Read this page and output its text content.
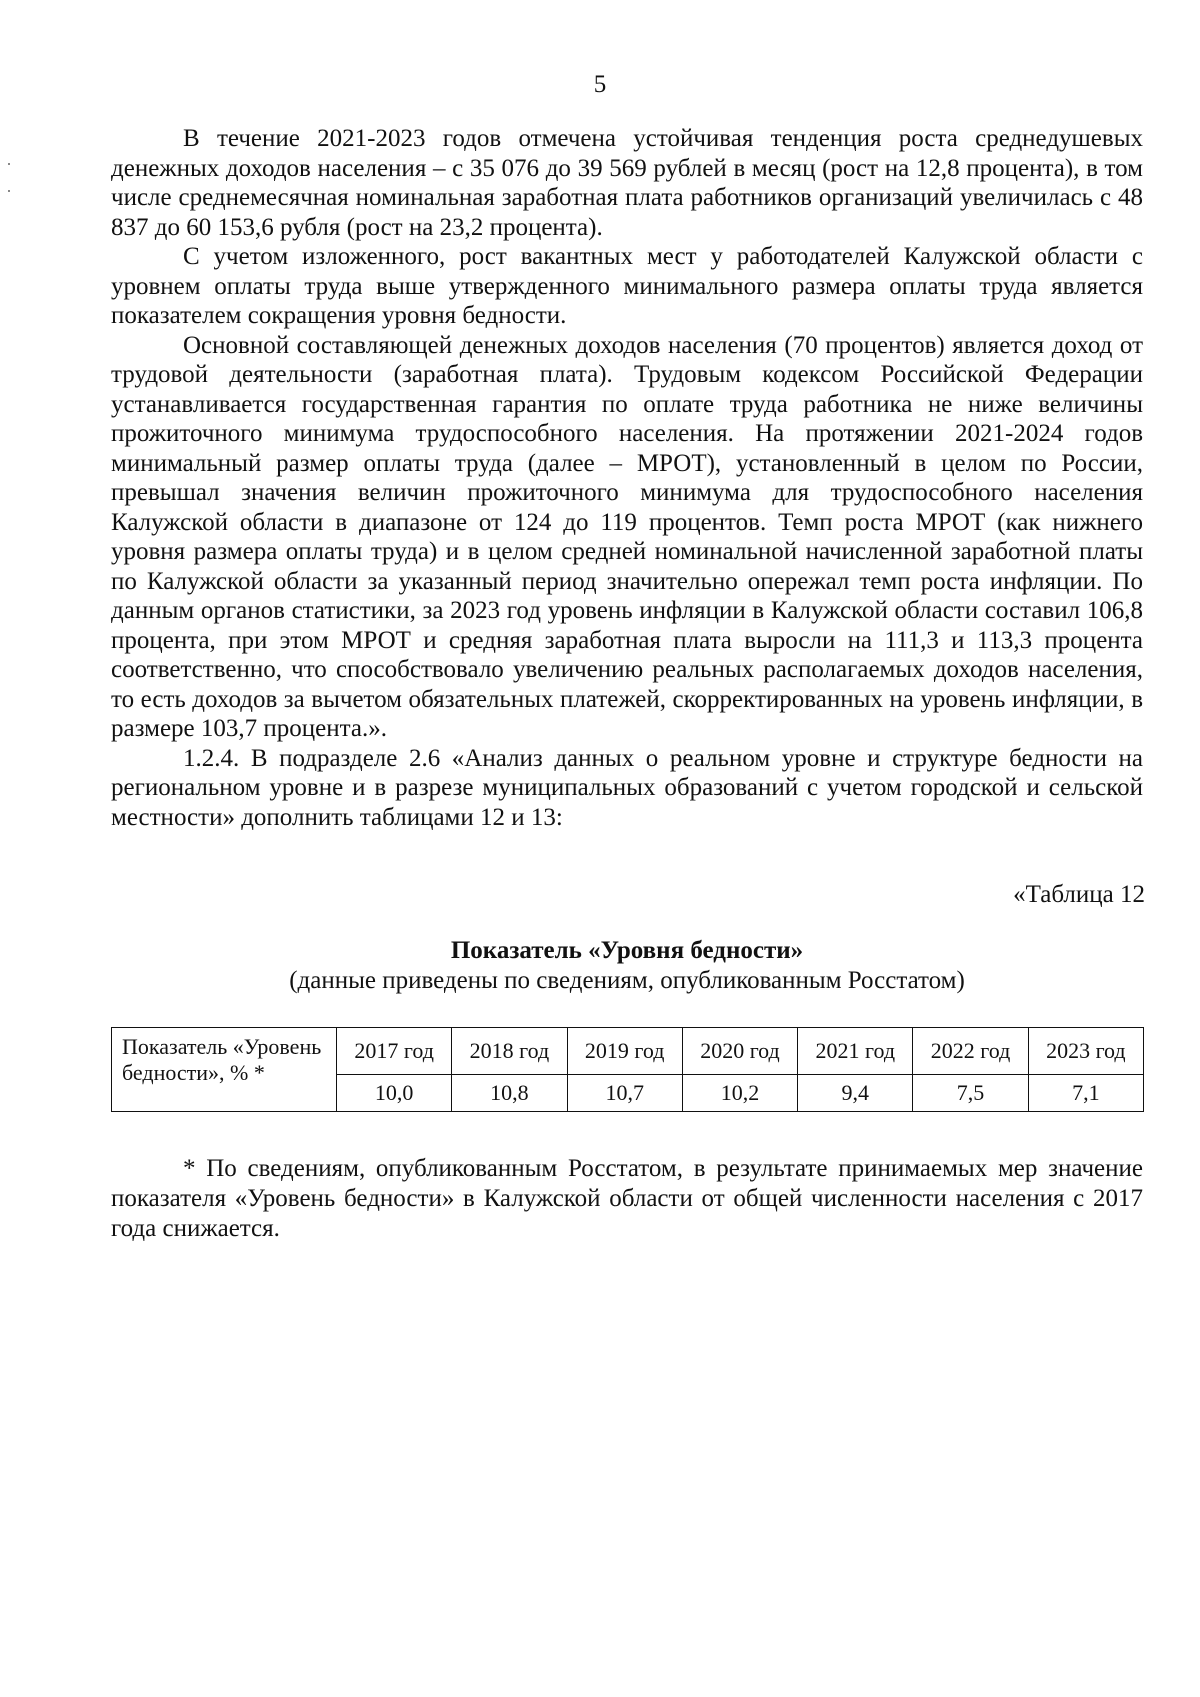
5

В течение 2021-2023 годов отмечена устойчивая тенденция роста среднедушевых денежных доходов населения – с 35 076 до 39 569 рублей в месяц (рост на 12,8 процента), в том числе среднемесячная номинальная заработная плата работников организаций увеличилась с 48 837 до 60 153,6 рубля (рост на 23,2 процента).

С учетом изложенного, рост вакантных мест у работодателей Калужской области с уровнем оплаты труда выше утвержденного минимального размера оплаты труда является показателем сокращения уровня бедности.

Основной составляющей денежных доходов населения (70 процентов) является доход от трудовой деятельности (заработная плата). Трудовым кодексом Российской Федерации устанавливается государственная гарантия по оплате труда работника не ниже величины прожиточного минимума трудоспособного населения. На протяжении 2021-2024 годов минимальный размер оплаты труда (далее – МРОТ), установленный в целом по России, превышал значения величин прожиточного минимума для трудоспособного населения Калужской области в диапазоне от 124 до 119 процентов. Темп роста МРОТ (как нижнего уровня размера оплаты труда) и в целом средней номинальной начисленной заработной платы по Калужской области за указанный период значительно опережал темп роста инфляции. По данным органов статистики, за 2023 год уровень инфляции в Калужской области составил 106,8 процента, при этом МРОТ и средняя заработная плата выросли на 111,3 и 113,3 процента соответственно, что способствовало увеличению реальных располагаемых доходов населения, то есть доходов за вычетом обязательных платежей, скорректированных на уровень инфляции, в размере 103,7 процента.».

1.2.4. В подразделе 2.6 «Анализ данных о реальном уровне и структуре бедности на региональном уровне и в разрезе муниципальных образований с учетом городской и сельской местности» дополнить таблицами 12 и 13:

«Таблица 12
Показатель «Уровня бедности»
(данные приведены по сведениям, опубликованным Росстатом)
Показатель «Уровень бедности», % *	2017 год	2018 год	2019 год	2020 год	2021 год	2022 год	2023 год
	10,0	10,8	10,7	10,2	9,4	7,5	7,1

* По сведениям, опубликованным Росстатом, в результате принимаемых мер значение показателя «Уровень бедности» в Калужской области от общей численности населения с 2017 года снижается.
